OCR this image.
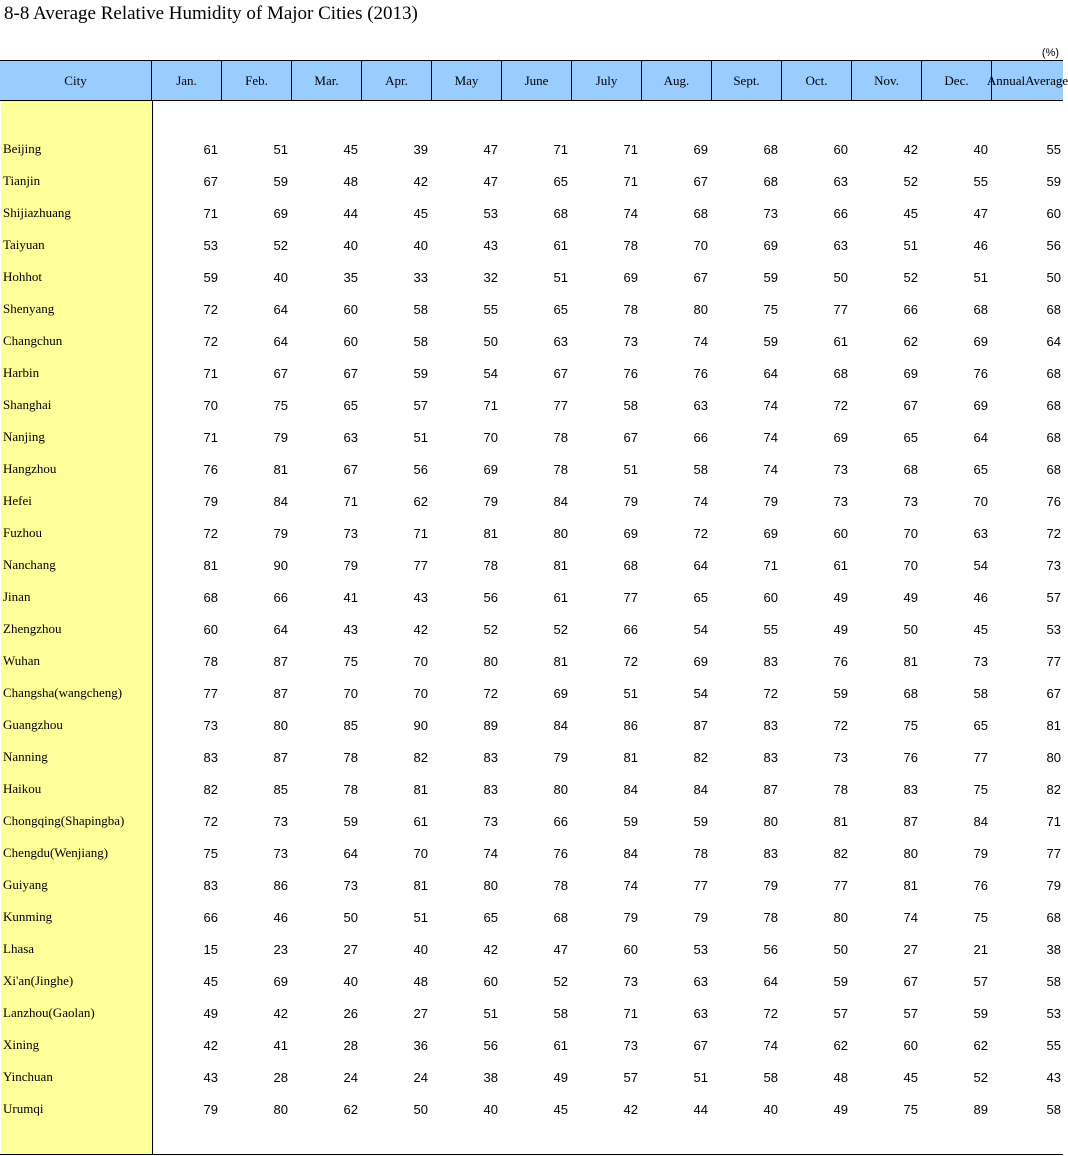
8-8 Average Relative Humidity of Major Cities (2013)
(%)
City	Jan.	Feb.	Mar.	Apr.	May	June	July	Aug.	Sept.	Oct.	Nov.	Dec.	Annual Average
Beijing	61	51	45	39	47	71	71	69	68	60	42	40	55
Tianjin	67	59	48	42	47	65	71	67	68	63	52	55	59
Shijiazhuang	71	69	44	45	53	68	74	68	73	66	45	47	60
Taiyuan	53	52	40	40	43	61	78	70	69	63	51	46	56
Hohhot	59	40	35	33	32	51	69	67	59	50	52	51	50
Shenyang	72	64	60	58	55	65	78	80	75	77	66	68	68
Changchun	72	64	60	58	50	63	73	74	59	61	62	69	64
Harbin	71	67	67	59	54	67	76	76	64	68	69	76	68
Shanghai	70	75	65	57	71	77	58	63	74	72	67	69	68
Nanjing	71	79	63	51	70	78	67	66	74	69	65	64	68
Hangzhou	76	81	67	56	69	78	51	58	74	73	68	65	68
Hefei	79	84	71	62	79	84	79	74	79	73	73	70	76
Fuzhou	72	79	73	71	81	80	69	72	69	60	70	63	72
Nanchang	81	90	79	77	78	81	68	64	71	61	70	54	73
Jinan	68	66	41	43	56	61	77	65	60	49	49	46	57
Zhengzhou	60	64	43	42	52	52	66	54	55	49	50	45	53
Wuhan	78	87	75	70	80	81	72	69	83	76	81	73	77
Changsha(wangcheng)	77	87	70	70	72	69	51	54	72	59	68	58	67
Guangzhou	73	80	85	90	89	84	86	87	83	72	75	65	81
Nanning	83	87	78	82	83	79	81	82	83	73	76	77	80
Haikou	82	85	78	81	83	80	84	84	87	78	83	75	82
Chongqing(Shapingba)	72	73	59	61	73	66	59	59	80	81	87	84	71
Chengdu(Wenjiang)	75	73	64	70	74	76	84	78	83	82	80	79	77
Guiyang	83	86	73	81	80	78	74	77	79	77	81	76	79
Kunming	66	46	50	51	65	68	79	79	78	80	74	75	68
Lhasa	15	23	27	40	42	47	60	53	56	50	27	21	38
Xi'an(Jinghe)	45	69	40	48	60	52	73	63	64	59	67	57	58
Lanzhou(Gaolan)	49	42	26	27	51	58	71	63	72	57	57	59	53
Xining	42	41	28	36	56	61	73	67	74	62	60	62	55
Yinchuan	43	28	24	24	38	49	57	51	58	48	45	52	43
Urumqi	79	80	62	50	40	45	42	44	40	49	75	89	58
